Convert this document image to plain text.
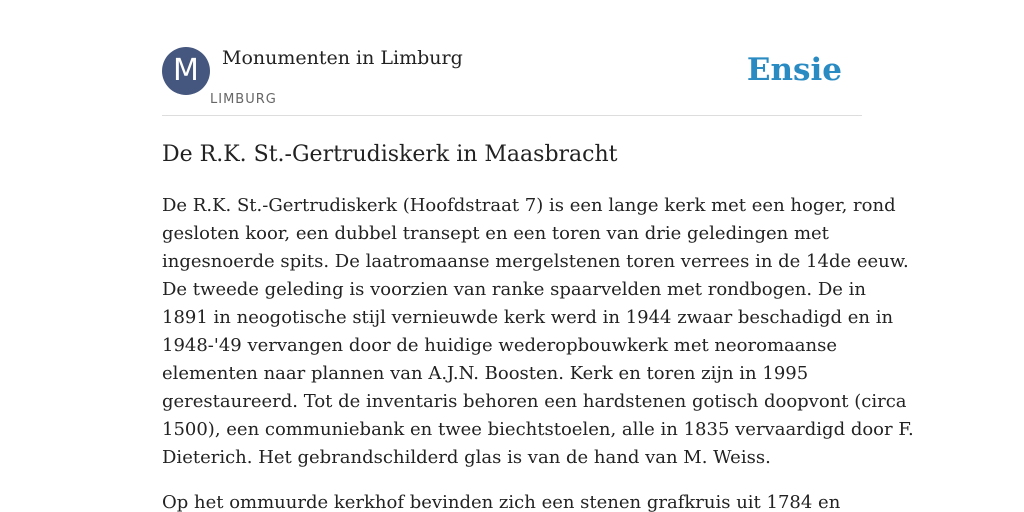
M	Monumenten in Limburg
LIMBURG
Ensie
De R.K. St.-Gertrudiskerk in Maasbracht

De R.K. St.-Gertrudiskerk (Hoofdstraat 7) is een lange kerk met een hoger, rond
gesloten koor, een dubbel transept en een toren van drie geledingen met
ingesnoerde spits. De laatromaanse mergelstenen toren verrees in de 14de eeuw.
De tweede geleding is voorzien van ranke spaarvelden met rondbogen. De in
1891 in neogotische stijl vernieuwde kerk werd in 1944 zwaar beschadigd en in
1948-'49 vervangen door de huidige wederopbouwkerk met neoromaanse
elementen naar plannen van A.J.N. Boosten. Kerk en toren zijn in 1995
gerestaureerd. Tot de inventaris behoren een hardstenen gotisch doopvont (circa
1500), een communiebank en twee biechtstoelen, alle in 1835 vervaardigd door F.
Dieterich. Het gebrandschilderd glas is van de hand van M. Weiss.

Op het ommuurde kerkhof bevinden zich een stenen grafkruis uit 1784 en
